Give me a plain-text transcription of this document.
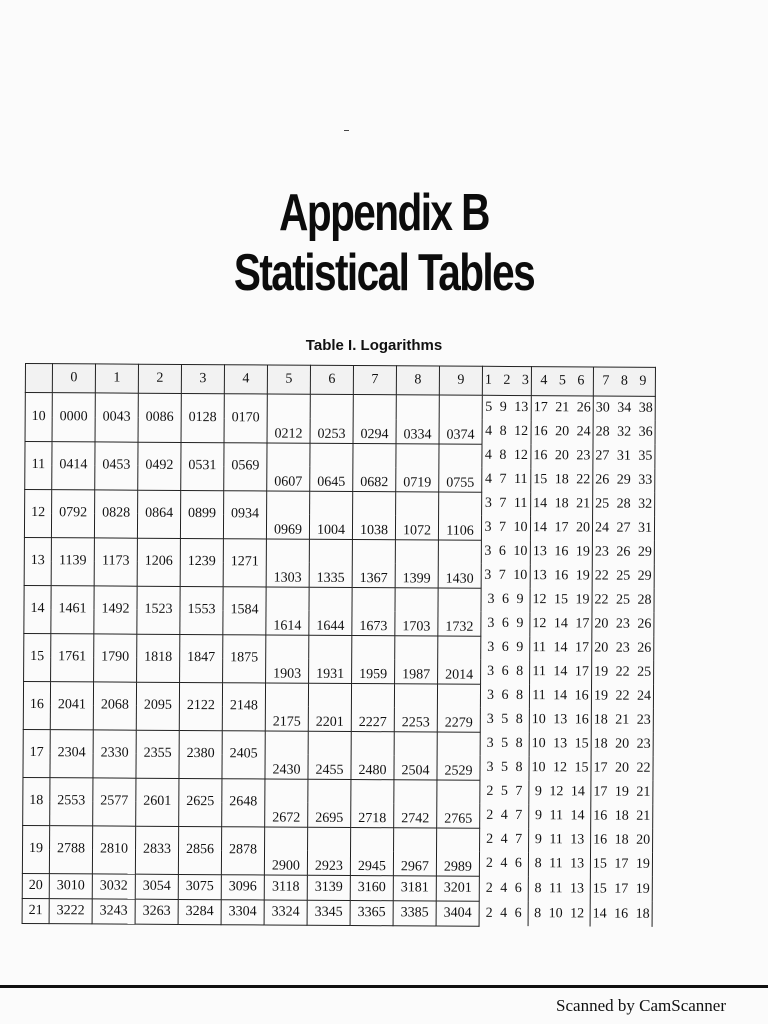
Appendix B
Statistical Tables
Table I. Logarithms
	0	1	2	3	4	5	6	7	8	9	1 2 3	4 5 6	7 8 9
10	0000	0043	0086	0128	0170	0212	0253	0294	0334	0374	5 9 13	17 21 26	30 34 38
											4 8 12	16 20 24	28 32 36
11	0414	0453	0492	0531	0569	0607	0645	0682	0719	0755	4 8 12	16 20 23	27 31 35
											4 7 11	15 18 22	26 29 33
12	0792	0828	0864	0899	0934	0969	1004	1038	1072	1106	3 7 11	14 18 21	25 28 32
											3 7 10	14 17 20	24 27 31
13	1139	1173	1206	1239	1271	1303	1335	1367	1399	1430	3 6 10	13 16 19	23 26 29
											3 7 10	13 16 19	22 25 29
14	1461	1492	1523	1553	1584	1614	1644	1673	1703	1732	3 6 9	12 15 19	22 25 28
											3 6 9	12 14 17	20 23 26
15	1761	1790	1818	1847	1875	1903	1931	1959	1987	2014	3 6 9	11 14 17	20 23 26
											3 6 8	11 14 17	19 22 25
16	2041	2068	2095	2122	2148	2175	2201	2227	2253	2279	3 6 8	11 14 16	19 22 24
											3 5 8	10 13 16	18 21 23
17	2304	2330	2355	2380	2405	2430	2455	2480	2504	2529	3 5 8	10 13 15	18 20 23
											3 5 8	10 12 15	17 20 22
18	2553	2577	2601	2625	2648	2672	2695	2718	2742	2765	2 5 7	9 12 14	17 19 21
											2 4 7	9 11 14	16 18 21
19	2788	2810	2833	2856	2878	2900	2923	2945	2967	2989	2 4 7	9 11 13	16 18 20
											2 4 6	8 11 13	15 17 19
20	3010	3032	3054	3075	3096	3118	3139	3160	3181	3201	2 4 6	8 11 13	15 17 19
21	3222	3243	3263	3284	3304	3324	3345	3365	3385	3404	2 4 6	8 10 12	14 16 18
Scanned by CamScanner
